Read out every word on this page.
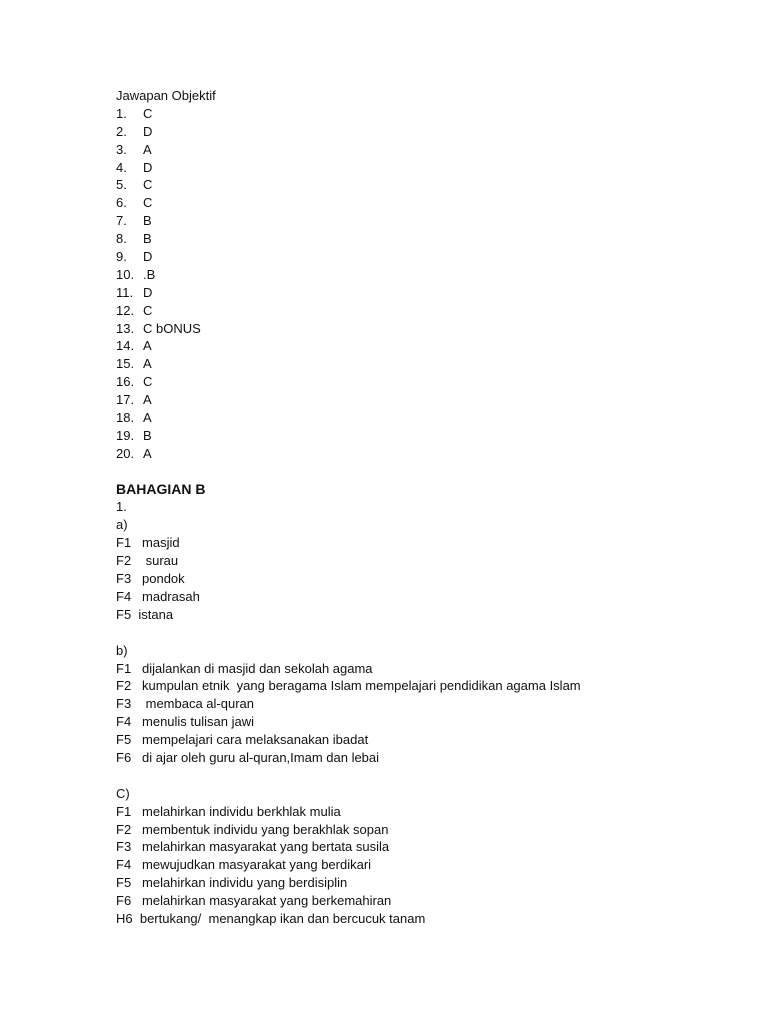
Jawapan Objektif
1. C
2. D
3. A
4. D
5. C
6. C
7. B
8. B
9. D
10. .B
11. D
12. C
13. C bONUS
14. A
15. A
16. C
17. A
18. A
19. B
20. A
BAHAGIAN B
1.
a)
F1   masjid
F2    surau
F3   pondok
F4   madrasah
F5  istana
b)
F1   dijalankan di masjid dan sekolah agama
F2   kumpulan etnik  yang beragama Islam mempelajari pendidikan agama Islam
F3    membaca al-quran
F4   menulis tulisan jawi
F5   mempelajari cara melaksanakan ibadat
F6   di ajar oleh guru al-quran,Imam dan lebai
C)
F1   melahirkan individu berkhlak mulia
F2   membentuk individu yang berakhlak sopan
F3   melahirkan masyarakat yang bertata susila
F4   mewujudkan masyarakat yang berdikari
F5   melahirkan individu yang berdisiplin
F6   melahirkan masyarakat yang berkemahiran
H6  bertukang/  menangkap ikan dan bercucuk tanam
